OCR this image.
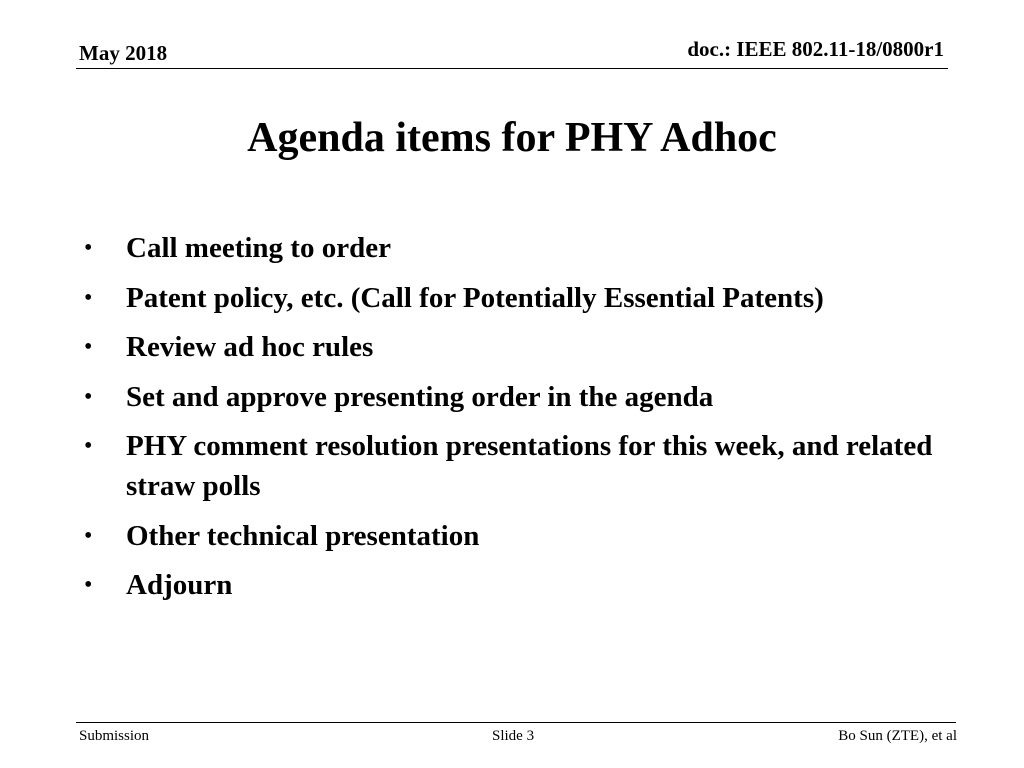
May 2018	doc.: IEEE 802.11-18/0800r1
Agenda items for PHY Adhoc
• Call meeting to order
• Patent policy, etc. (Call for Potentially Essential Patents)
• Review ad hoc rules
• Set and approve presenting order in the agenda
• PHY comment resolution presentations for this week, and related straw polls
• Other technical presentation
• Adjourn
Submission	Slide 3	Bo Sun (ZTE), et al
